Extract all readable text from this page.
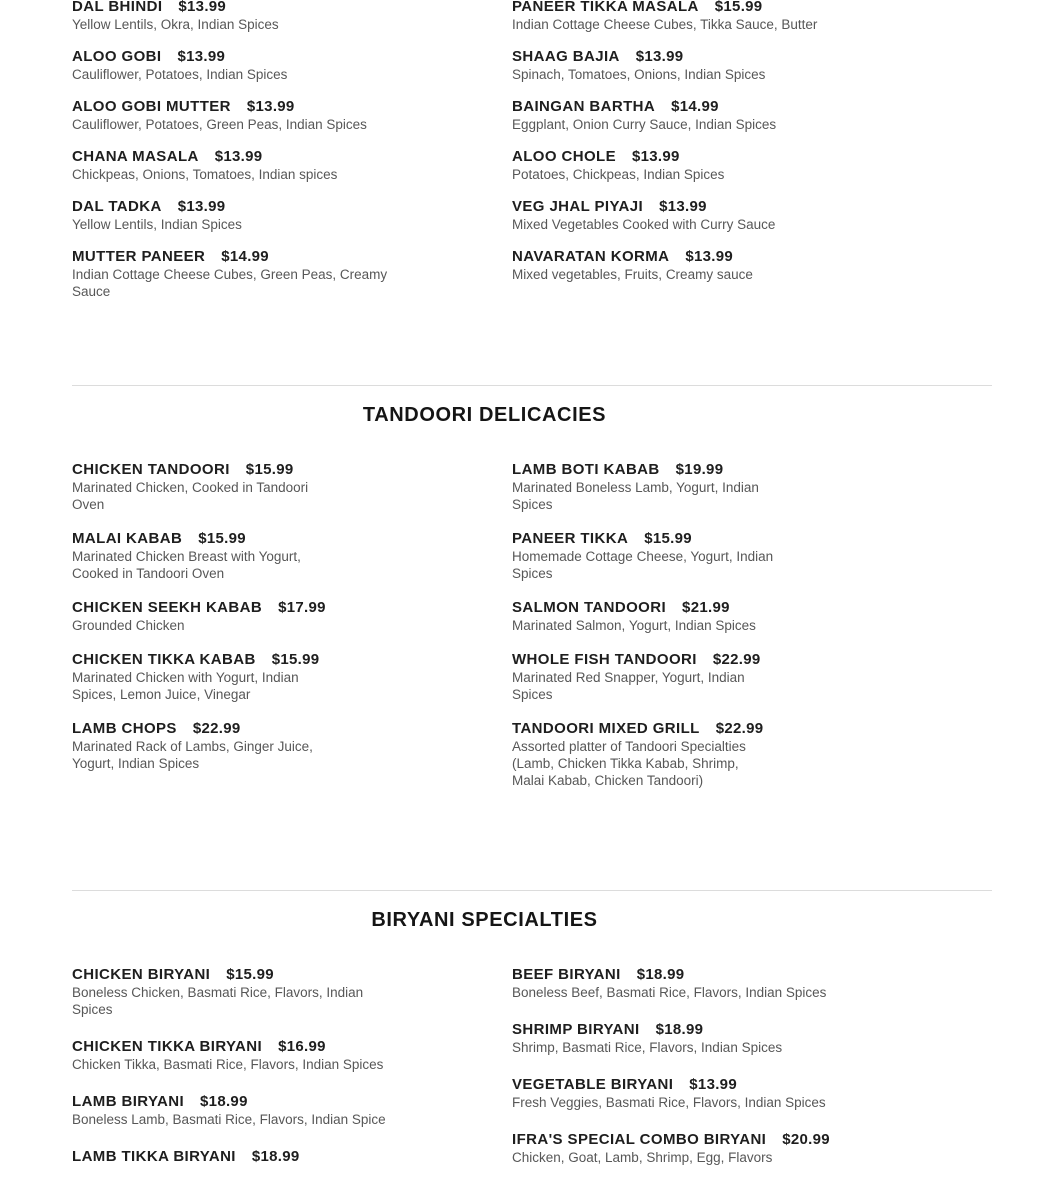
DAL BHINDI $13.99
Yellow Lentils, Okra, Indian Spices
ALOO GOBI $13.99
Cauliflower, Potatoes, Indian Spices
ALOO GOBI MUTTER $13.99
Cauliflower, Potatoes, Green Peas, Indian Spices
CHANA MASALA $13.99
Chickpeas, Onions, Tomatoes, Indian spices
DAL TADKA $13.99
Yellow Lentils, Indian Spices
MUTTER PANEER $14.99
Indian Cottage Cheese Cubes, Green Peas, Creamy Sauce
PANEER TIKKA MASALA $15.99
Indian Cottage Cheese Cubes, Tikka Sauce, Butter
SHAAG BAJIA $13.99
Spinach, Tomatoes, Onions, Indian Spices
BAINGAN BARTHA $14.99
Eggplant, Onion Curry Sauce, Indian Spices
ALOO CHOLE $13.99
Potatoes, Chickpeas, Indian Spices
VEG JHAL PIYAJI $13.99
Mixed Vegetables Cooked with Curry Sauce
NAVARATAN KORMA $13.99
Mixed vegetables, Fruits, Creamy sauce
TANDOORI DELICACIES
CHICKEN TANDOORI $15.99
Marinated Chicken, Cooked in Tandoori Oven
MALAI KABAB $15.99
Marinated Chicken Breast with Yogurt, Cooked in Tandoori Oven
CHICKEN SEEKH KABAB $17.99
Grounded Chicken
CHICKEN TIKKA KABAB $15.99
Marinated Chicken with Yogurt, Indian Spices, Lemon Juice, Vinegar
LAMB CHOPS $22.99
Marinated Rack of Lambs, Ginger Juice, Yogurt, Indian Spices
LAMB BOTI KABAB $19.99
Marinated Boneless Lamb, Yogurt, Indian Spices
PANEER TIKKA $15.99
Homemade Cottage Cheese, Yogurt, Indian Spices
SALMON TANDOORI $21.99
Marinated Salmon, Yogurt, Indian Spices
WHOLE FISH TANDOORI $22.99
Marinated Red Snapper, Yogurt, Indian Spices
TANDOORI MIXED GRILL $22.99
Assorted platter of Tandoori Specialties (Lamb, Chicken Tikka Kabab, Shrimp, Malai Kabab, Chicken Tandoori)
BIRYANI SPECIALTIES
CHICKEN BIRYANI $15.99
Boneless Chicken, Basmati Rice, Flavors, Indian Spices
CHICKEN TIKKA BIRYANI $16.99
Chicken Tikka, Basmati Rice, Flavors, Indian Spices
LAMB BIRYANI $18.99
Boneless Lamb, Basmati Rice, Flavors, Indian Spice
LAMB TIKKA BIRYANI $18.99
BEEF BIRYANI $18.99
Boneless Beef, Basmati Rice, Flavors, Indian Spices
SHRIMP BIRYANI $18.99
Shrimp, Basmati Rice, Flavors, Indian Spices
VEGETABLE BIRYANI $13.99
Fresh Veggies, Basmati Rice, Flavors, Indian Spices
IFRA'S SPECIAL COMBO BIRYANI $20.99
Chicken, Goat, Lamb, Shrimp, Egg, Flavors
